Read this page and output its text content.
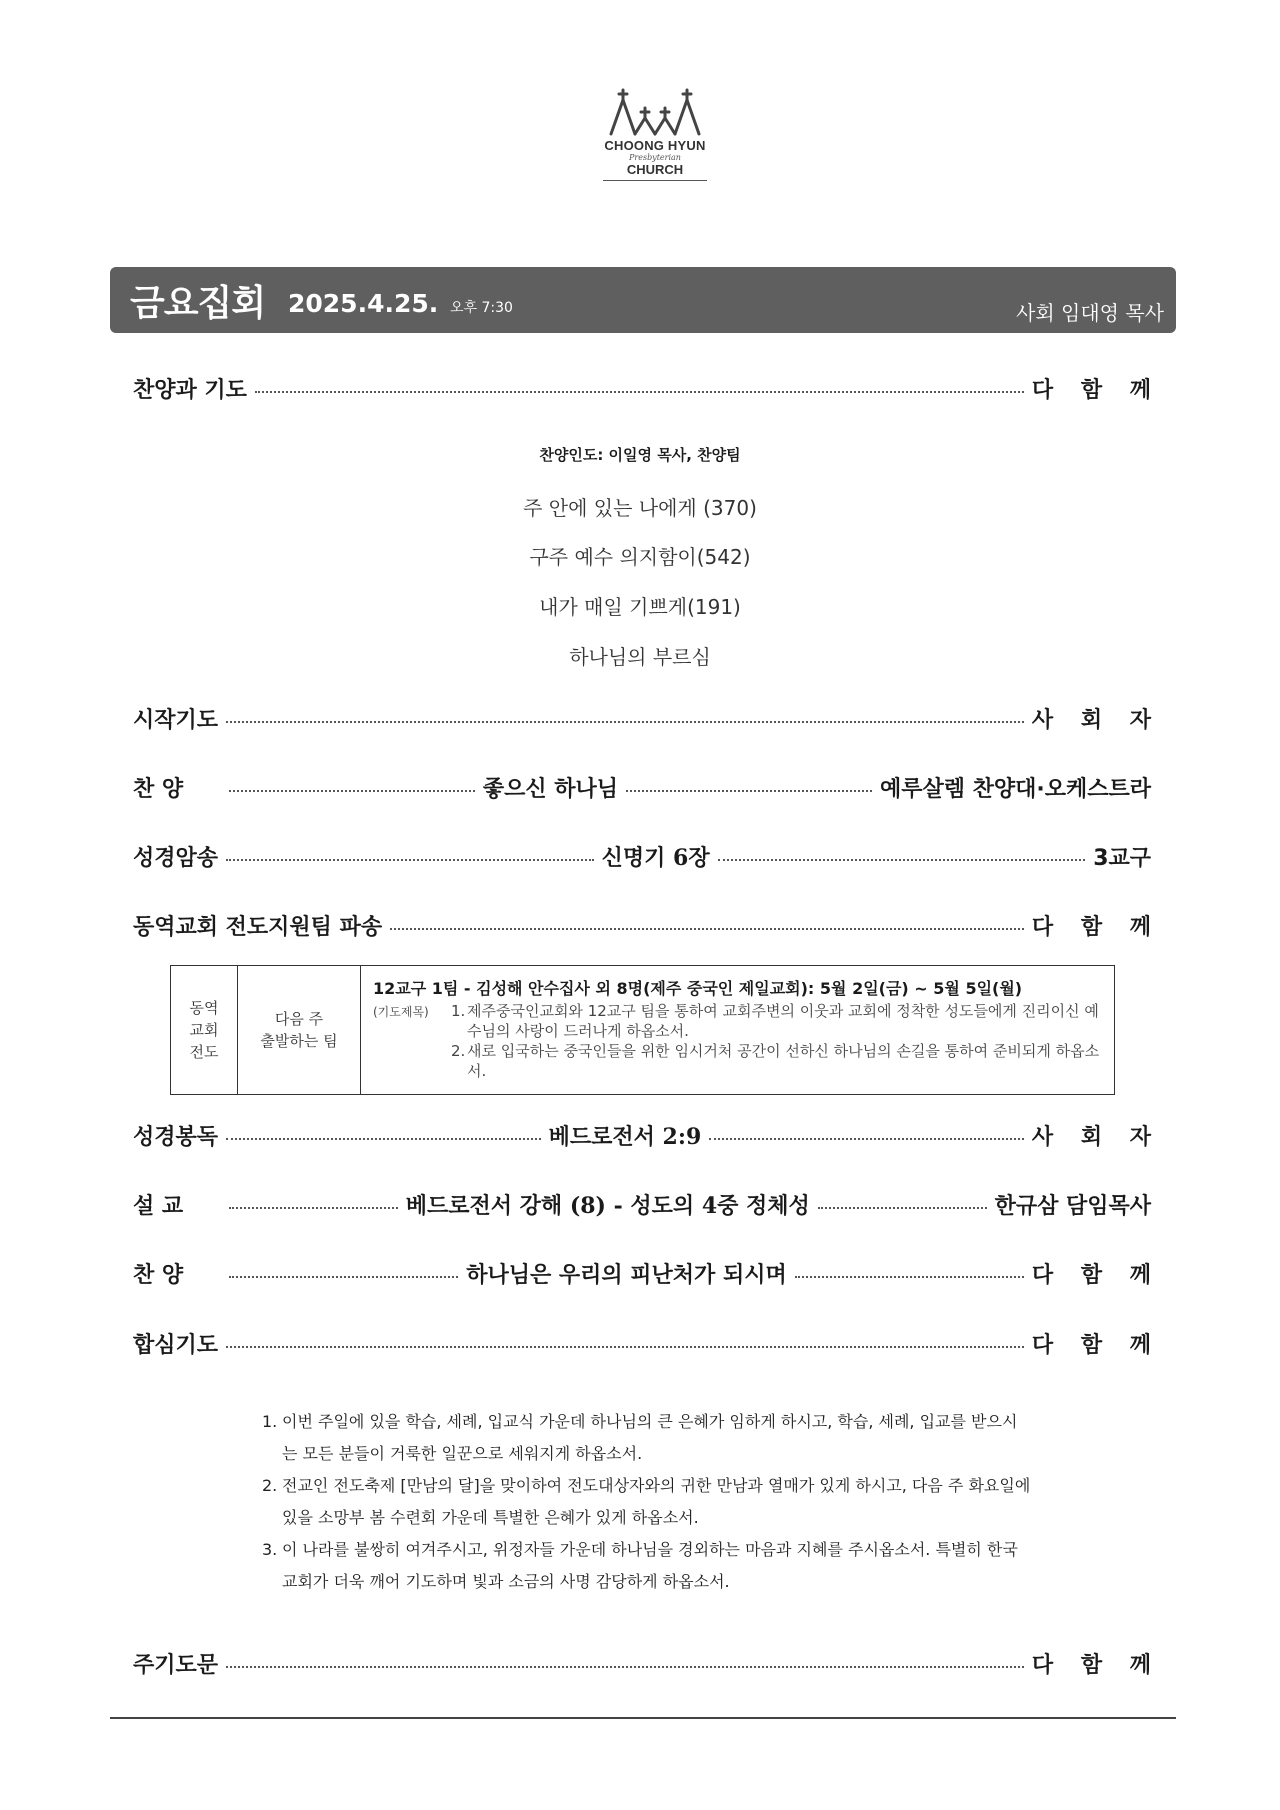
CHOONG HYUN
Presbyterian
CHURCH
금요집회 2025.4.25. 오후 7:30	사회 임대영 목사
찬양과 기도	다 함 께
찬양인도: 이일영 목사, 찬양팀
주 안에 있는 나에게 (370)
구주 예수 의지함이(542)
내가 매일 기쁘게(191)
하나님의 부르심
시작기도	사 회 자
찬 양	좋으신 하나님	예루살렘 찬양대·오케스트라
성경암송	신명기 6장	3교구
동역교회 전도지원팀 파송	다 함 께
동역
교회
전도

다음 주
출발하는 팀

12교구 1팀 - 김성해 안수집사 외 8명(제주 중국인 제일교회): 5월 2일(금) ~ 5월 5일(월)
(기도제목)	1. 제주중국인교회와 12교구 팀을 통하여 교회주변의 이웃과 교회에 정착한 성도들에게 진리이신 예수님의 사랑이 드러나게 하옵소서.
2. 새로 입국하는 중국인들을 위한 임시거처 공간이 선하신 하나님의 손길을 통하여 준비되게 하옵소서.
성경봉독	베드로전서 2:9	사 회 자
설 교	베드로전서 강해 (8) - 성도의 4중 정체성	한규삼 담임목사
찬 양	하나님은 우리의 피난처가 되시며	다 함 께
합심기도	다 함 께
1. 이번 주일에 있을 학습, 세례, 입교식 가운데 하나님의 큰 은혜가 임하게 하시고, 학습, 세례, 입교를 받으시는 모든 분들이 거룩한 일꾼으로 세워지게 하옵소서.
2. 전교인 전도축제 [만남의 달]을 맞이하여 전도대상자와의 귀한 만남과 열매가 있게 하시고, 다음 주 화요일에 있을 소망부 봄 수련회 가운데 특별한 은혜가 있게 하옵소서.
3. 이 나라를 불쌍히 여겨주시고, 위정자들 가운데 하나님을 경외하는 마음과 지혜를 주시옵소서. 특별히 한국교회가 더욱 깨어 기도하며 빛과 소금의 사명 감당하게 하옵소서.
주기도문	다 함 께
